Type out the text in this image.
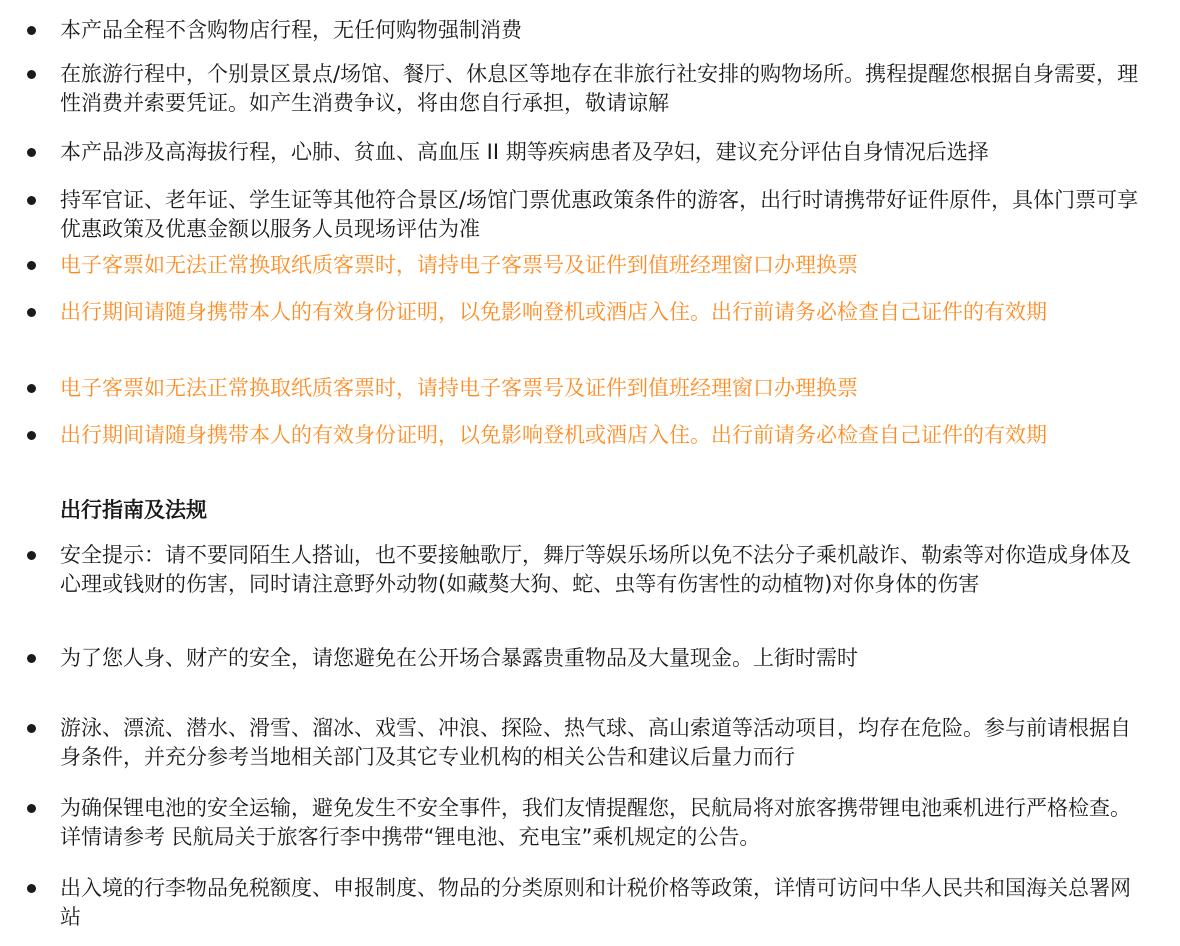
本产品全程不含购物店行程，无任何购物强制消费

在旅游行程中，个别景区景点/场馆、餐厅、休息区等地存在非旅行社安排的购物场所。携程提醒您根据自身需要，理性消费并索要凭证。如产生消费争议，将由您自行承担，敬请谅解

本产品涉及高海拔行程，心肺、贫血、高血压 II 期等疾病患者及孕妇，建议充分评估自身情况后选择

持军官证、老年证、学生证等其他符合景区/场馆门票优惠政策条件的游客，出行时请携带好证件原件，具体门票可享优惠政策及优惠金额以服务人员现场评估为准

电子客票如无法正常换取纸质客票时，请持电子客票号及证件到值班经理窗口办理换票

出行期间请随身携带本人的有效身份证明，以免影响登机或酒店入住。出行前请务必检查自己证件的有效期

电子客票如无法正常换取纸质客票时，请持电子客票号及证件到值班经理窗口办理换票

出行期间请随身携带本人的有效身份证明，以免影响登机或酒店入住。出行前请务必检查自己证件的有效期

出行指南及法规

安全提示：请不要同陌生人搭讪，也不要接触歌厅，舞厅等娱乐场所以免不法分子乘机敲诈、勒索等对你造成身体及心理或钱财的伤害，同时请注意野外动物(如藏獒大狗、蛇、虫等有伤害性的动植物)对你身体的伤害

为了您人身、财产的安全，请您避免在公开场合暴露贵重物品及大量现金。上街时需时

游泳、漂流、潜水、滑雪、溜冰、戏雪、冲浪、探险、热气球、高山索道等活动项目，均存在危险。参与前请根据自身条件，并充分参考当地相关部门及其它专业机构的相关公告和建议后量力而行

为确保锂电池的安全运输，避免发生不安全事件，我们友情提醒您，民航局将对旅客携带锂电池乘机进行严格检查。详情请参考 民航局关于旅客行李中携带“锂电池、充电宝”乘机规定的公告。

出入境的行李物品免税额度、申报制度、物品的分类原则和计税价格等政策，详情可访问中华人民共和国海关总署网站
